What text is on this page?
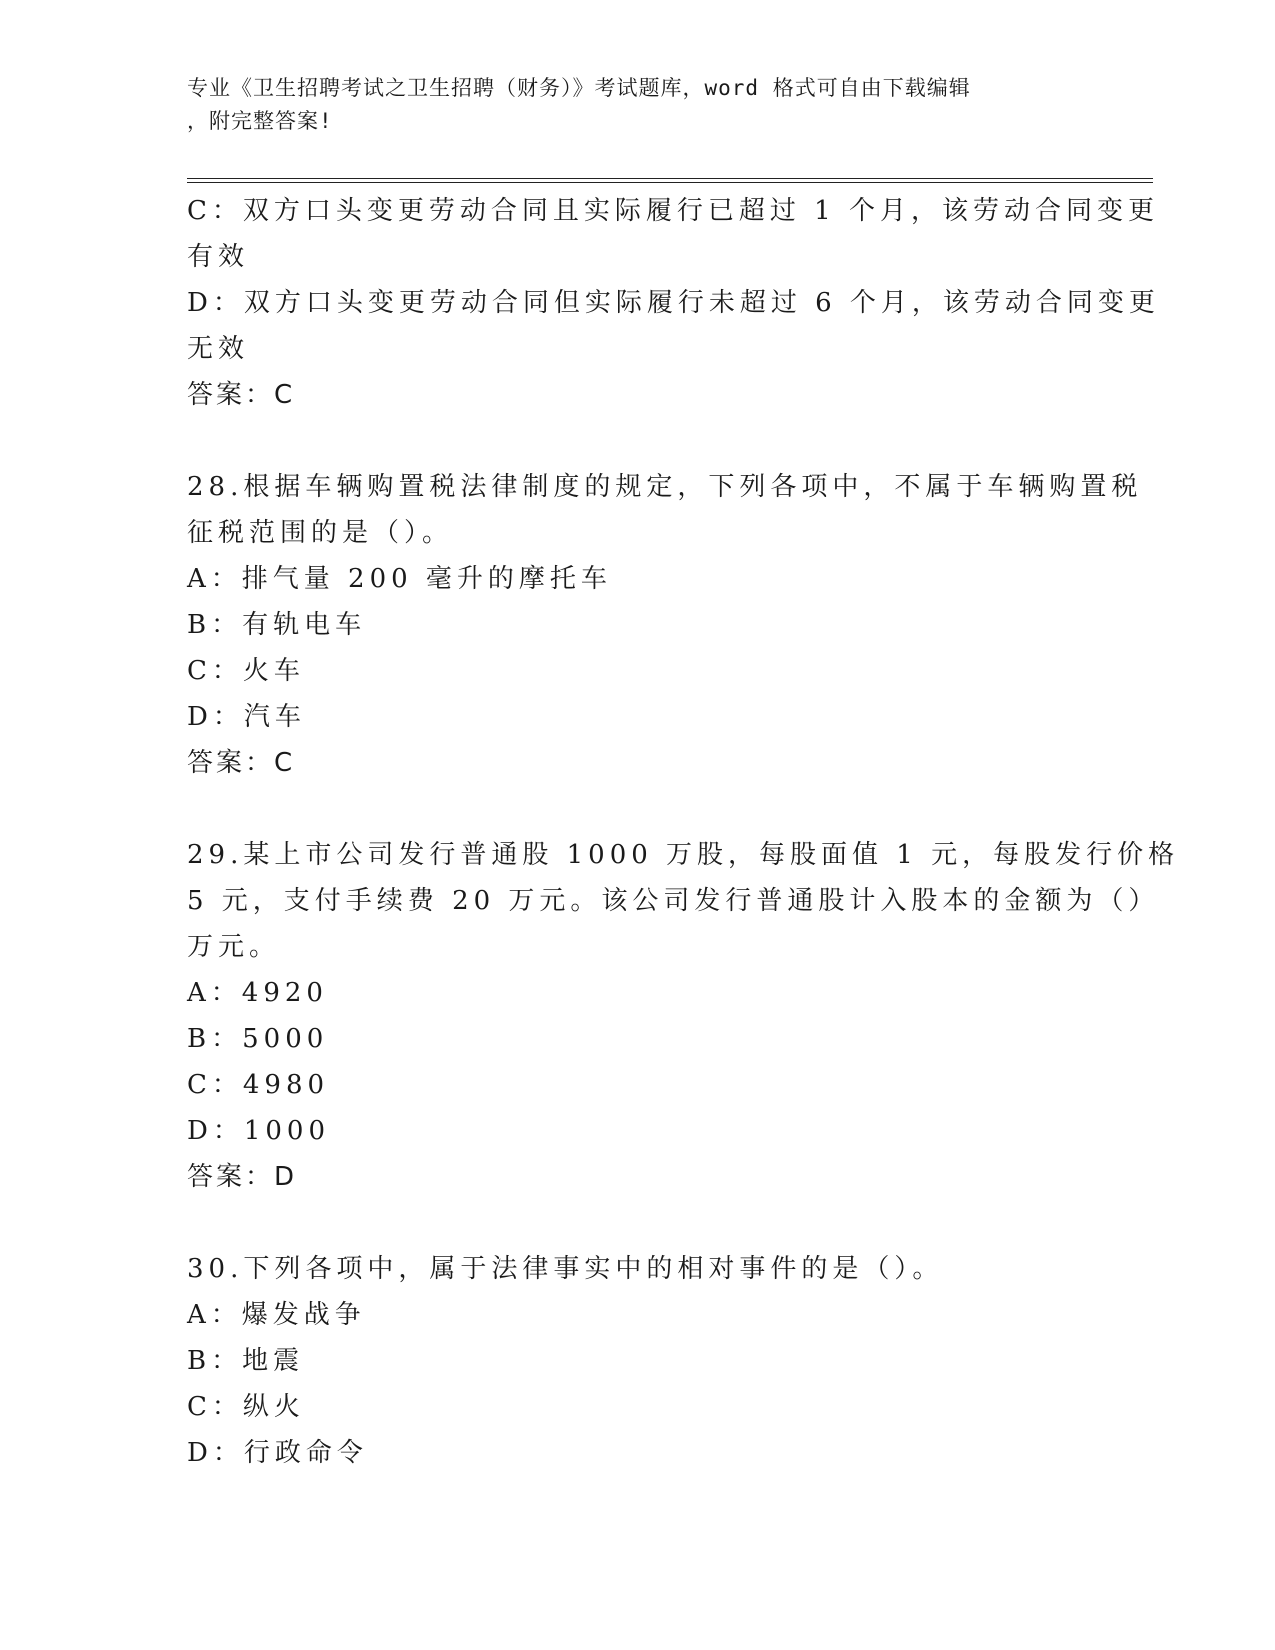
专业《卫生招聘考试之卫生招聘（财务）》考试题库，word 格式可自由下载编辑
，附完整答案!
C：双方口头变更劳动合同且实际履行已超过 1 个月，该劳动合同变更
有效
D：双方口头变更劳动合同但实际履行未超过 6 个月，该劳动合同变更
无效
答案：C
28.根据车辆购置税法律制度的规定，下列各项中，不属于车辆购置税
征税范围的是（）。
A：排气量 200 毫升的摩托车
B：有轨电车
C：火车
D：汽车
答案：C
29.某上市公司发行普通股 1000 万股，每股面值 1 元，每股发行价格
5 元，支付手续费 20 万元。该公司发行普通股计入股本的金额为（）
万元。
A：4920
B：5000
C：4980
D：1000
答案：D
30.下列各项中，属于法律事实中的相对事件的是（）。
A：爆发战争
B：地震
C：纵火
D：行政命令
